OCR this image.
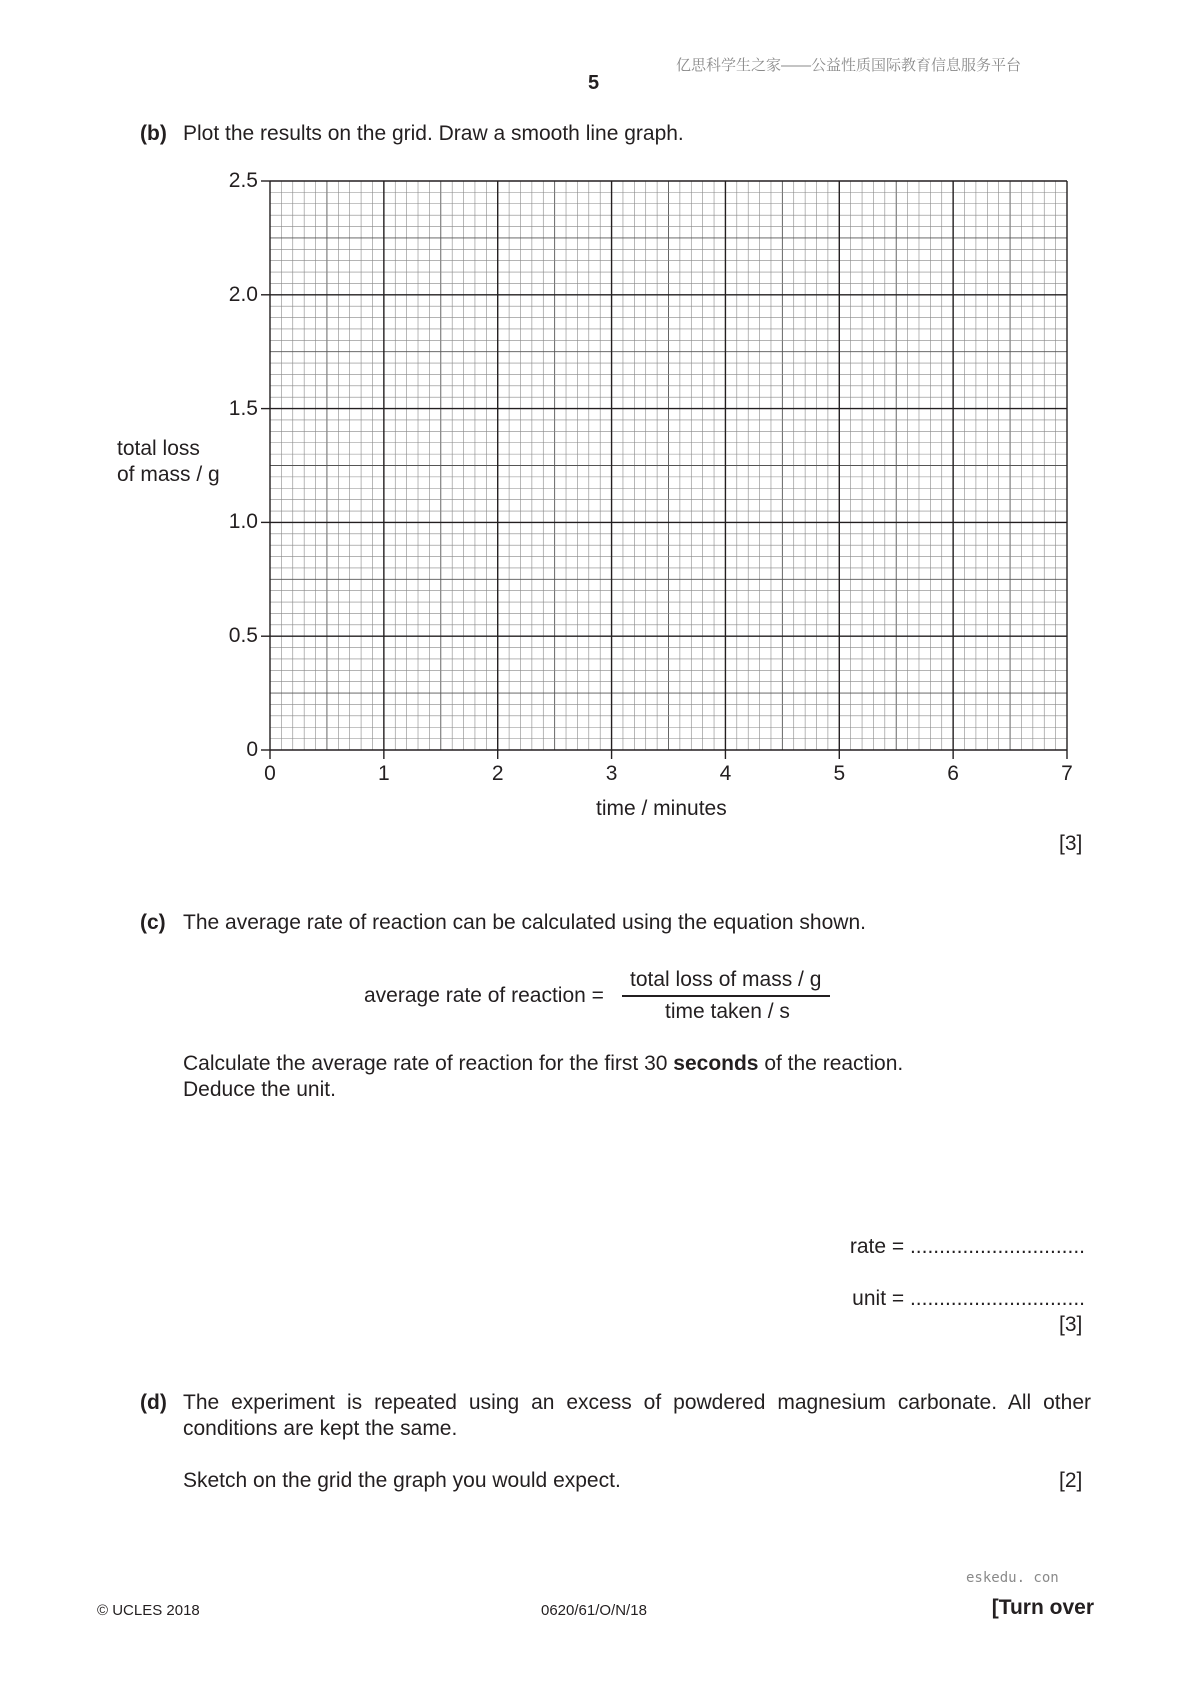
亿思科学生之家——公益性质国际教育信息服务平台
5
(b) Plot the results on the grid. Draw a smooth line graph.
0
0.5
1.0
1.5
2.0
2.5
0	1	2	3	4	5	6	7
total loss
of mass / g
time / minutes
[3]
(c) The average rate of reaction can be calculated using the equation shown.
average rate of reaction =
total loss of mass / g
time taken / s
Calculate the average rate of reaction for the first 30 seconds of the reaction.
Deduce the unit.
rate = ..............................
unit = ..............................
[3]
(d) The experiment is repeated using an excess of powdered magnesium carbonate. All other
conditions are kept the same.
Sketch on the grid the graph you would expect.	[2]
eskedu. con
© UCLES 2018	0620/61/O/N/18	[Turn over
